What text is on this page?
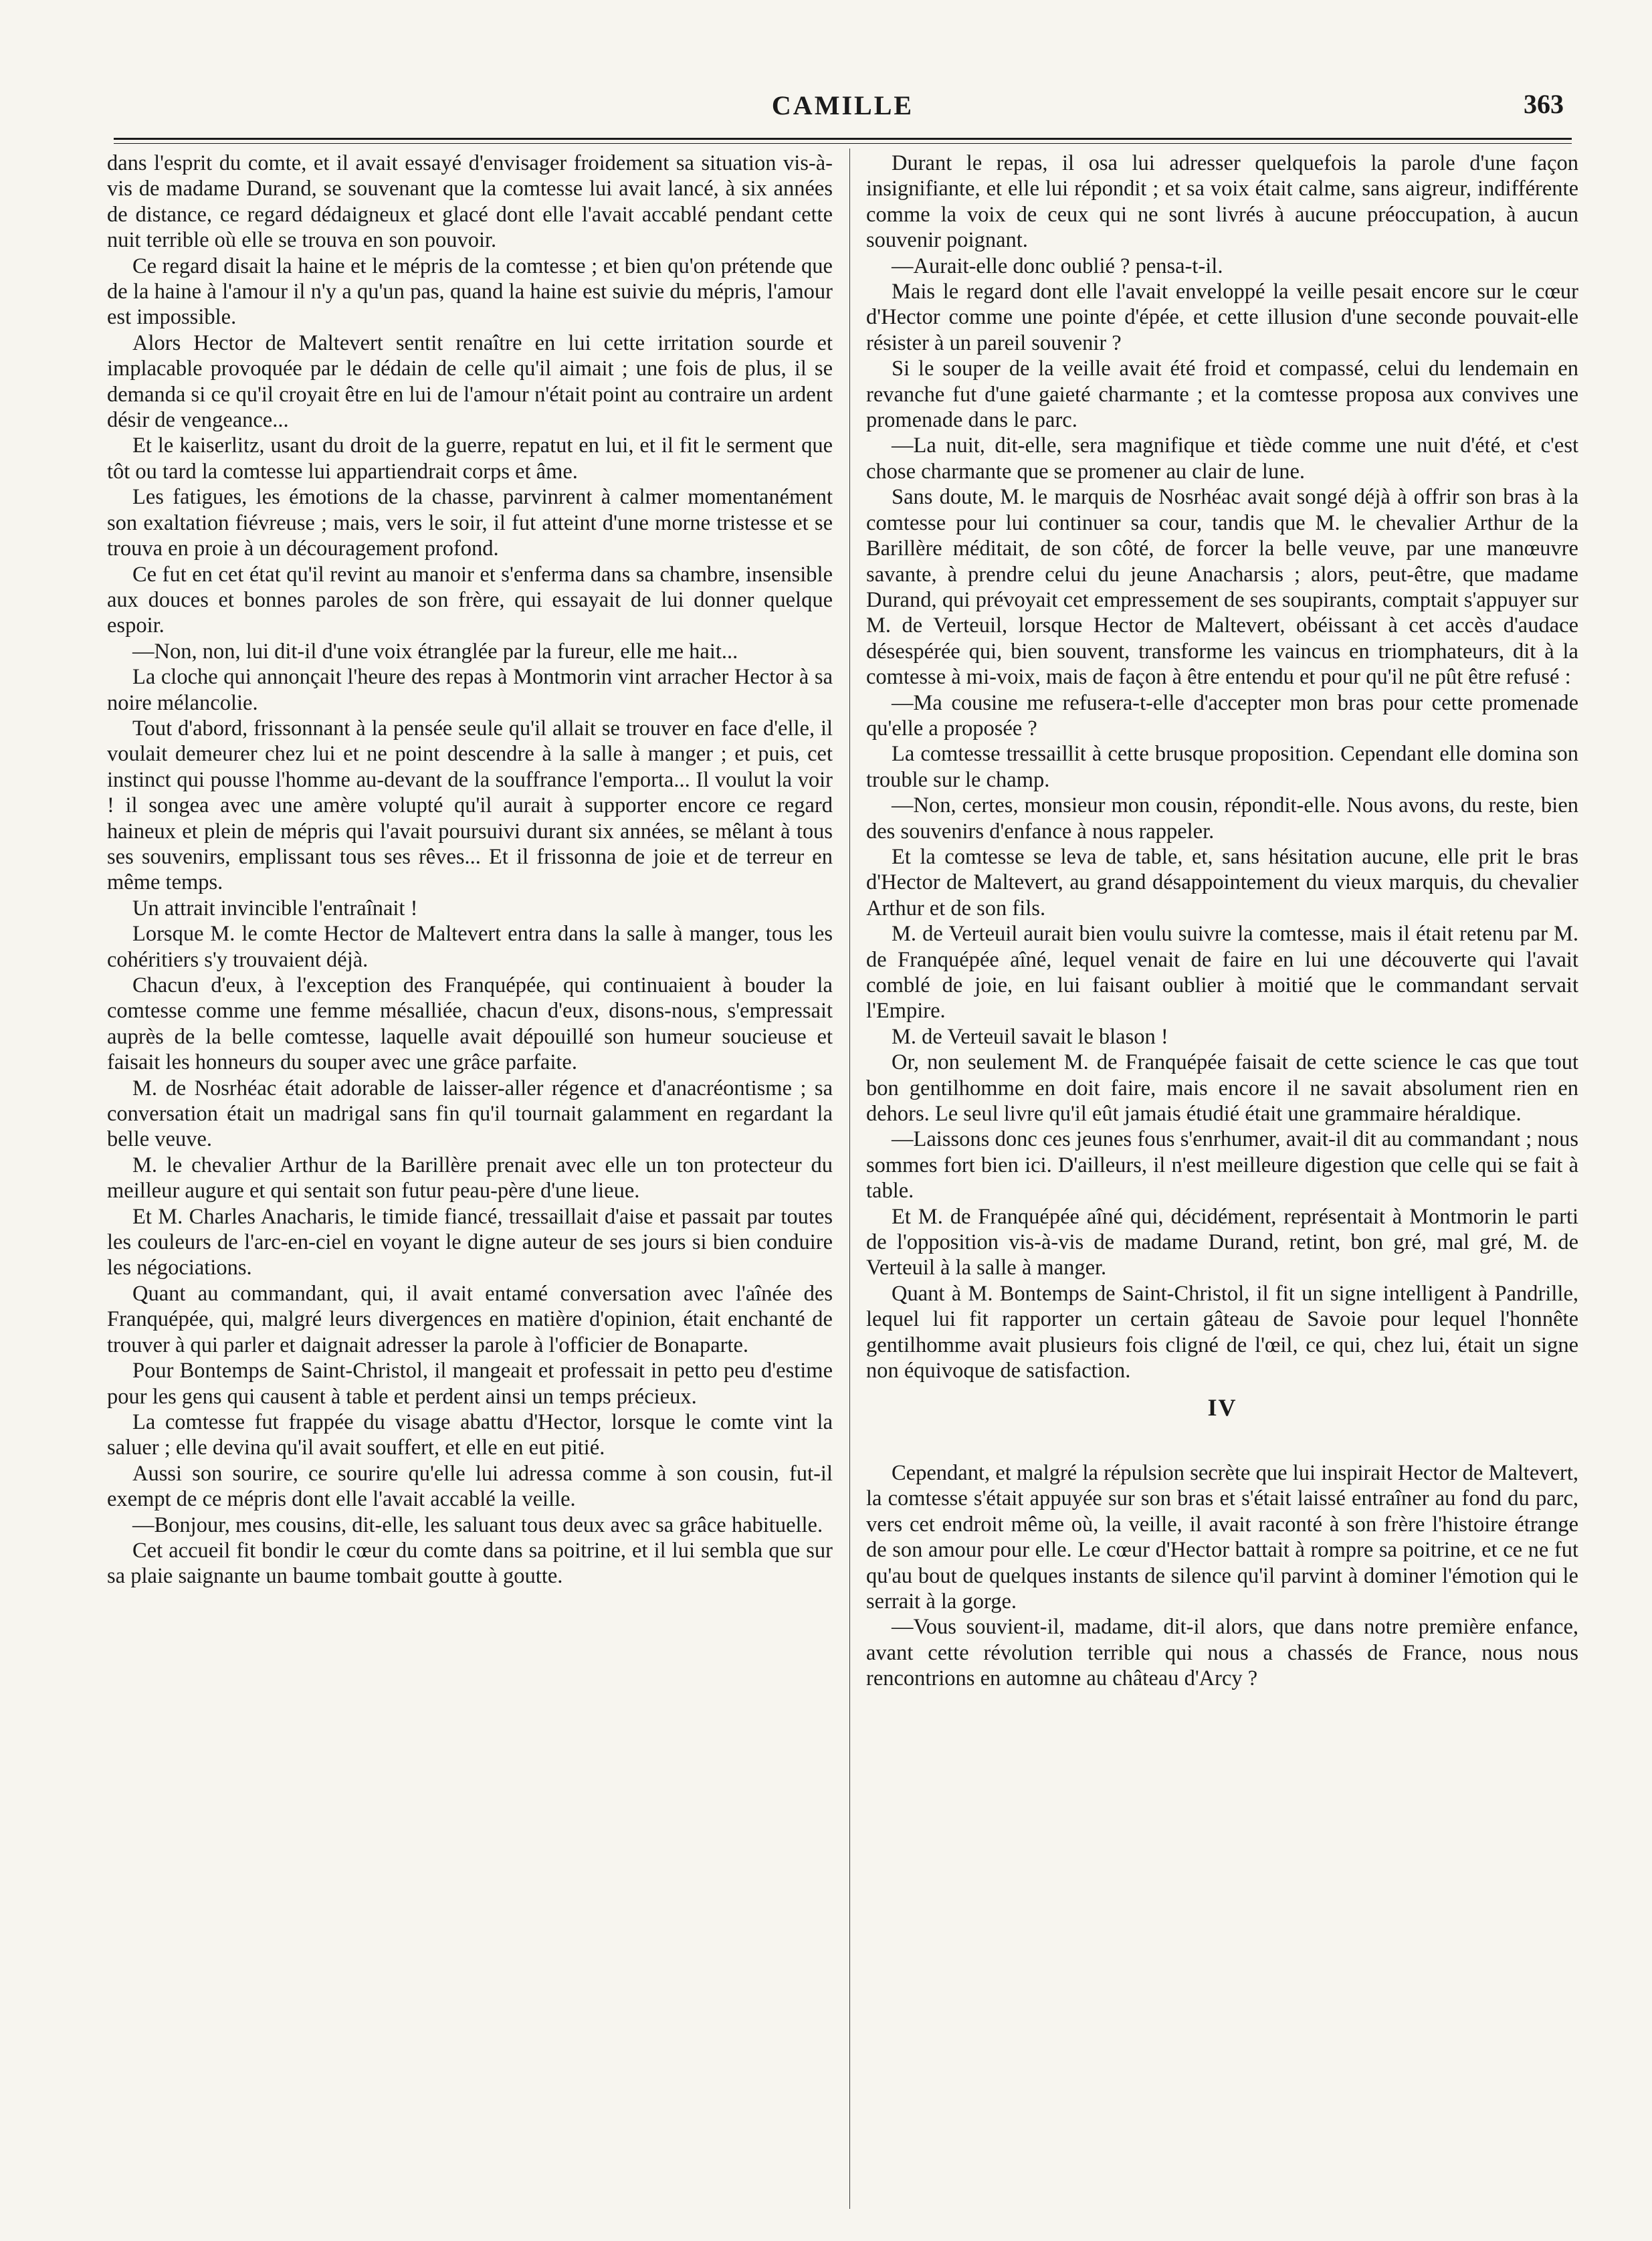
CAMILLE	363

dans l'esprit du comte, et il avait essayé d'envisager froidement sa situation vis-à-vis de madame Durand, se souvenant que la comtesse lui avait lancé, à six années de distance, ce regard dédaigneux et glacé dont elle l'avait accablé pendant cette nuit terrible où elle se trouva en son pouvoir.

Ce regard disait la haine et le mépris de la comtesse ; et bien qu'on prétende que de la haine à l'amour il n'y a qu'un pas, quand la haine est suivie du mépris, l'amour est impossible.

Alors Hector de Maltevert sentit renaître en lui cette irritation sourde et implacable provoquée par le dédain de celle qu'il aimait ; une fois de plus, il se demanda si ce qu'il croyait être en lui de l'amour n'était point au contraire un ardent désir de vengeance...

Et le kaiserlitz, usant du droit de la guerre, repatut en lui, et il fit le serment que tôt ou tard la comtesse lui appartiendrait corps et âme.

Les fatigues, les émotions de la chasse, parvinrent à calmer momentanément son exaltation fiévreuse ; mais, vers le soir, il fut atteint d'une morne tristesse et se trouva en proie à un découragement profond.

Ce fut en cet état qu'il revint au manoir et s'enferma dans sa chambre, insensible aux douces et bonnes paroles de son frère, qui essayait de lui donner quelque espoir.

—Non, non, lui dit-il d'une voix étranglée par la fureur, elle me hait...

La cloche qui annonçait l'heure des repas à Montmorin vint arracher Hector à sa noire mélancolie.

Tout d'abord, frissonnant à la pensée seule qu'il allait se trouver en face d'elle, il voulait demeurer chez lui et ne point descendre à la salle à manger ; et puis, cet instinct qui pousse l'homme au-devant de la souffrance l'emporta... Il voulut la voir ! il songea avec une amère volupté qu'il aurait à supporter encore ce regard haineux et plein de mépris qui l'avait poursuivi durant six années, se mêlant à tous ses souvenirs, emplissant tous ses rêves... Et il frissonna de joie et de terreur en même temps.

Un attrait invincible l'entraînait !

Lorsque M. le comte Hector de Maltevert entra dans la salle à manger, tous les cohéritiers s'y trouvaient déjà.

Chacun d'eux, à l'exception des Franquépée, qui continuaient à bouder la comtesse comme une femme mésalliée, chacun d'eux, disons-nous, s'empressait auprès de la belle comtesse, laquelle avait dépouillé son humeur soucieuse et faisait les honneurs du souper avec une grâce parfaite.

M. de Nosrhéac était adorable de laisser-aller régence et d'anacréontisme ; sa conversation était un madrigal sans fin qu'il tournait galamment en regardant la belle veuve.

M. le chevalier Arthur de la Barillère prenait avec elle un ton protecteur du meilleur augure et qui sentait son futur peau-père d'une lieue.

Et M. Charles Anacharis, le timide fiancé, tressaillait d'aise et passait par toutes les couleurs de l'arc-en-ciel en voyant le digne auteur de ses jours si bien conduire les négociations.

Quant au commandant, qui, il avait entamé conversation avec l'aînée des Franquépée, qui, malgré leurs divergences en matière d'opinion, était enchanté de trouver à qui parler et daignait adresser la parole à l'officier de Bonaparte.

Pour Bontemps de Saint-Christol, il mangeait et professait in petto peu d'estime pour les gens qui causent à table et perdent ainsi un temps précieux.

La comtesse fut frappée du visage abattu d'Hector, lorsque le comte vint la saluer ; elle devina qu'il avait souffert, et elle en eut pitié.

Aussi son sourire, ce sourire qu'elle lui adressa comme à son cousin, fut-il exempt de ce mépris dont elle l'avait accablé la veille.

—Bonjour, mes cousins, dit-elle, les saluant tous deux avec sa grâce habituelle.

Cet accueil fit bondir le cœur du comte dans sa poitrine, et il lui sembla que sur sa plaie saignante un baume tombait goutte à goutte.

Durant le repas, il osa lui adresser quelquefois la parole d'une façon insignifiante, et elle lui répondit ; et sa voix était calme, sans aigreur, indifférente comme la voix de ceux qui ne sont livrés à aucune préoccupation, à aucun souvenir poignant.

—Aurait-elle donc oublié ? pensa-t-il.

Mais le regard dont elle l'avait enveloppé la veille pesait encore sur le cœur d'Hector comme une pointe d'épée, et cette illusion d'une seconde pouvait-elle résister à un pareil souvenir ?

Si le souper de la veille avait été froid et compassé, celui du lendemain en revanche fut d'une gaieté charmante ; et la comtesse proposa aux convives une promenade dans le parc.

—La nuit, dit-elle, sera magnifique et tiède comme une nuit d'été, et c'est chose charmante que se promener au clair de lune.

Sans doute, M. le marquis de Nosrhéac avait songé déjà à offrir son bras à la comtesse pour lui continuer sa cour, tandis que M. le chevalier Arthur de la Barillère méditait, de son côté, de forcer la belle veuve, par une manœuvre savante, à prendre celui du jeune Anacharsis ; alors, peut-être, que madame Durand, qui prévoyait cet empressement de ses soupirants, comptait s'appuyer sur M. de Verteuil, lorsque Hector de Maltevert, obéissant à cet accès d'audace désespérée qui, bien souvent, transforme les vaincus en triomphateurs, dit à la comtesse à mi-voix, mais de façon à être entendu et pour qu'il ne pût être refusé :

—Ma cousine me refusera-t-elle d'accepter mon bras pour cette promenade qu'elle a proposée ?

La comtesse tressaillit à cette brusque proposition. Cependant elle domina son trouble sur le champ.

—Non, certes, monsieur mon cousin, répondit-elle. Nous avons, du reste, bien des souvenirs d'enfance à nous rappeler.

Et la comtesse se leva de table, et, sans hésitation aucune, elle prit le bras d'Hector de Maltevert, au grand désappointement du vieux marquis, du chevalier Arthur et de son fils.

M. de Verteuil aurait bien voulu suivre la comtesse, mais il était retenu par M. de Franquépée aîné, lequel venait de faire en lui une découverte qui l'avait comblé de joie, en lui faisant oublier à moitié que le commandant servait l'Empire.

M. de Verteuil savait le blason !

Or, non seulement M. de Franquépée faisait de cette science le cas que tout bon gentilhomme en doit faire, mais encore il ne savait absolument rien en dehors. Le seul livre qu'il eût jamais étudié était une grammaire héraldique.

—Laissons donc ces jeunes fous s'enrhumer, avait-il dit au commandant ; nous sommes fort bien ici. D'ailleurs, il n'est meilleure digestion que celle qui se fait à table.

Et M. de Franquépée aîné qui, décidément, représentait à Montmorin le parti de l'opposition vis-à-vis de madame Durand, retint, bon gré, mal gré, M. de Verteuil à la salle à manger.

Quant à M. Bontemps de Saint-Christol, il fit un signe intelligent à Pandrille, lequel lui fit rapporter un certain gâteau de Savoie pour lequel l'honnête gentilhomme avait plusieurs fois cligné de l'œil, ce qui, chez lui, était un signe non équivoque de satisfaction.

IV

Cependant, et malgré la répulsion secrète que lui inspirait Hector de Maltevert, la comtesse s'était appuyée sur son bras et s'était laissé entraîner au fond du parc, vers cet endroit même où, la veille, il avait raconté à son frère l'histoire étrange de son amour pour elle. Le cœur d'Hector battait à rompre sa poitrine, et ce ne fut qu'au bout de quelques instants de silence qu'il parvint à dominer l'émotion qui le serrait à la gorge.

—Vous souvient-il, madame, dit-il alors, que dans notre première enfance, avant cette révolution terrible qui nous a chassés de France, nous nous rencontrions en automne au château d'Arcy ?
